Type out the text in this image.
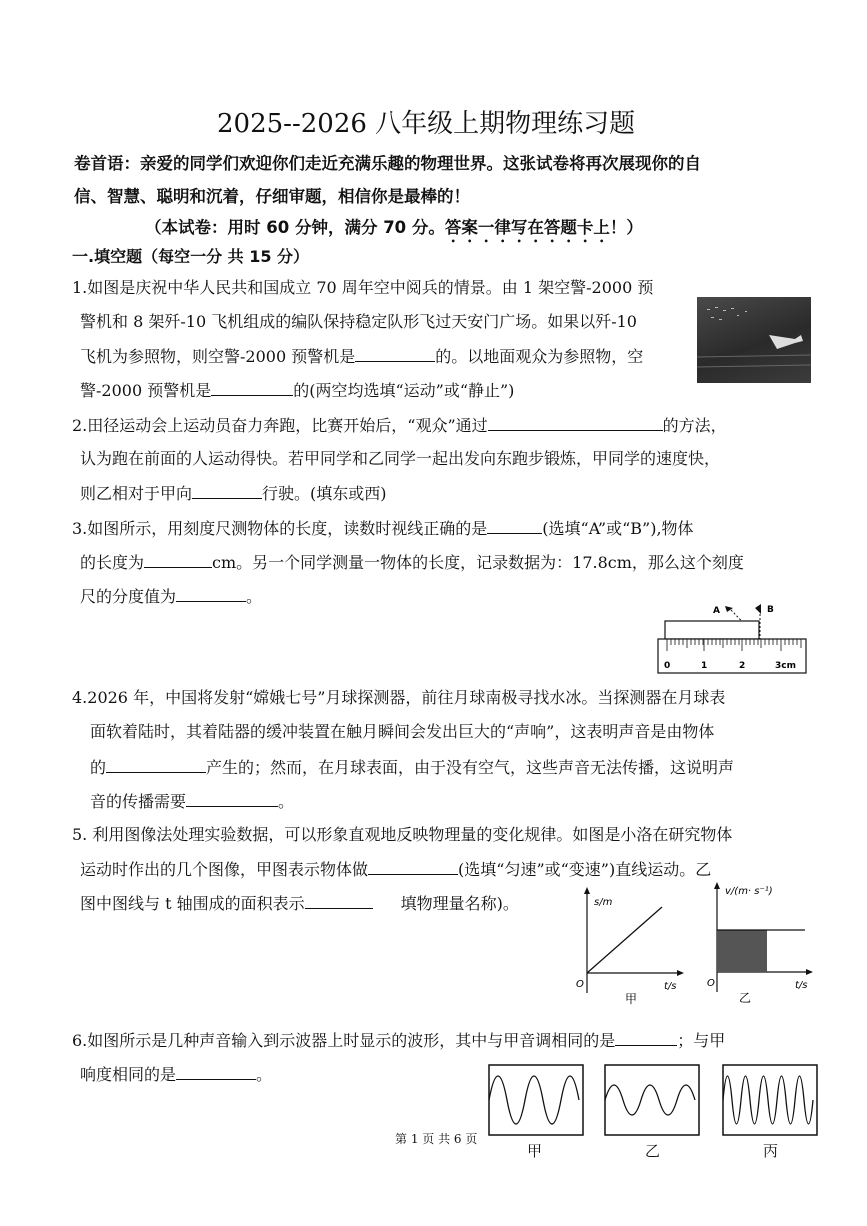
2025--2026 八年级上期物理练习题
卷首语：亲爱的同学们欢迎你们走近充满乐趣的物理世界。这张试卷将再次展现你的自
信、智慧、聪明和沉着，仔细审题，相信你是最棒的！
（本试卷：用时 60 分钟，满分 70 分。答案一律写在答题卡上！）
一.填空题（每空一分 共 15 分）
1.如图是庆祝中华人民共和国成立 70 周年空中阅兵的情景。由 1 架空警-2000 预
警机和 8 架歼-10 飞机组成的编队保持稳定队形飞过天安门广场。如果以歼-10
飞机为参照物，则空警-2000 预警机是	的。以地面观众为参照物，空
警-2000 预警机是	的(两空均选填“运动”或“静止”)
2.田径运动会上运动员奋力奔跑，比赛开始后，“观众”通过	的方法，
认为跑在前面的人运动得快。若甲同学和乙同学一起出发向东跑步锻炼，甲同学的速度快，
则乙相对于甲向	行驶。(填东或西)
3.如图所示，用刻度尺测物体的长度，读数时视线正确的是	(选填“A”或“B”),物体
的长度为	cm。另一个同学测量一物体的长度，记录数据为：17.8cm，那么这个刻度
尺的分度值为	。
A	B
0	1	2	3cm
4.2026 年，中国将发射“嫦娥七号”月球探测器，前往月球南极寻找水冰。当探测器在月球表
面软着陆时，其着陆器的缓冲装置在触月瞬间会发出巨大的“声响”，这表明声音是由物体
的	产生的；然而，在月球表面，由于没有空气，这些声音无法传播，这说明声
音的传播需要	。
5. 利用图像法处理实验数据，可以形象直观地反映物理量的变化规律。如图是小洛在研究物体
运动时作出的几个图像，甲图表示物体做	(选填“匀速”或“变速”)直线运动。乙
图中图线与 t 轴围成的面积表示	填物理量名称)。	s/m
t/s
O
甲
v/(m· s⁻¹)
t/s
O
乙
6.如图所示是几种声音输入到示波器上时显示的波形，其中与甲音调相同的是	；与甲
响度相同的是	。
甲	乙	丙
第 1 页 共 6 页
